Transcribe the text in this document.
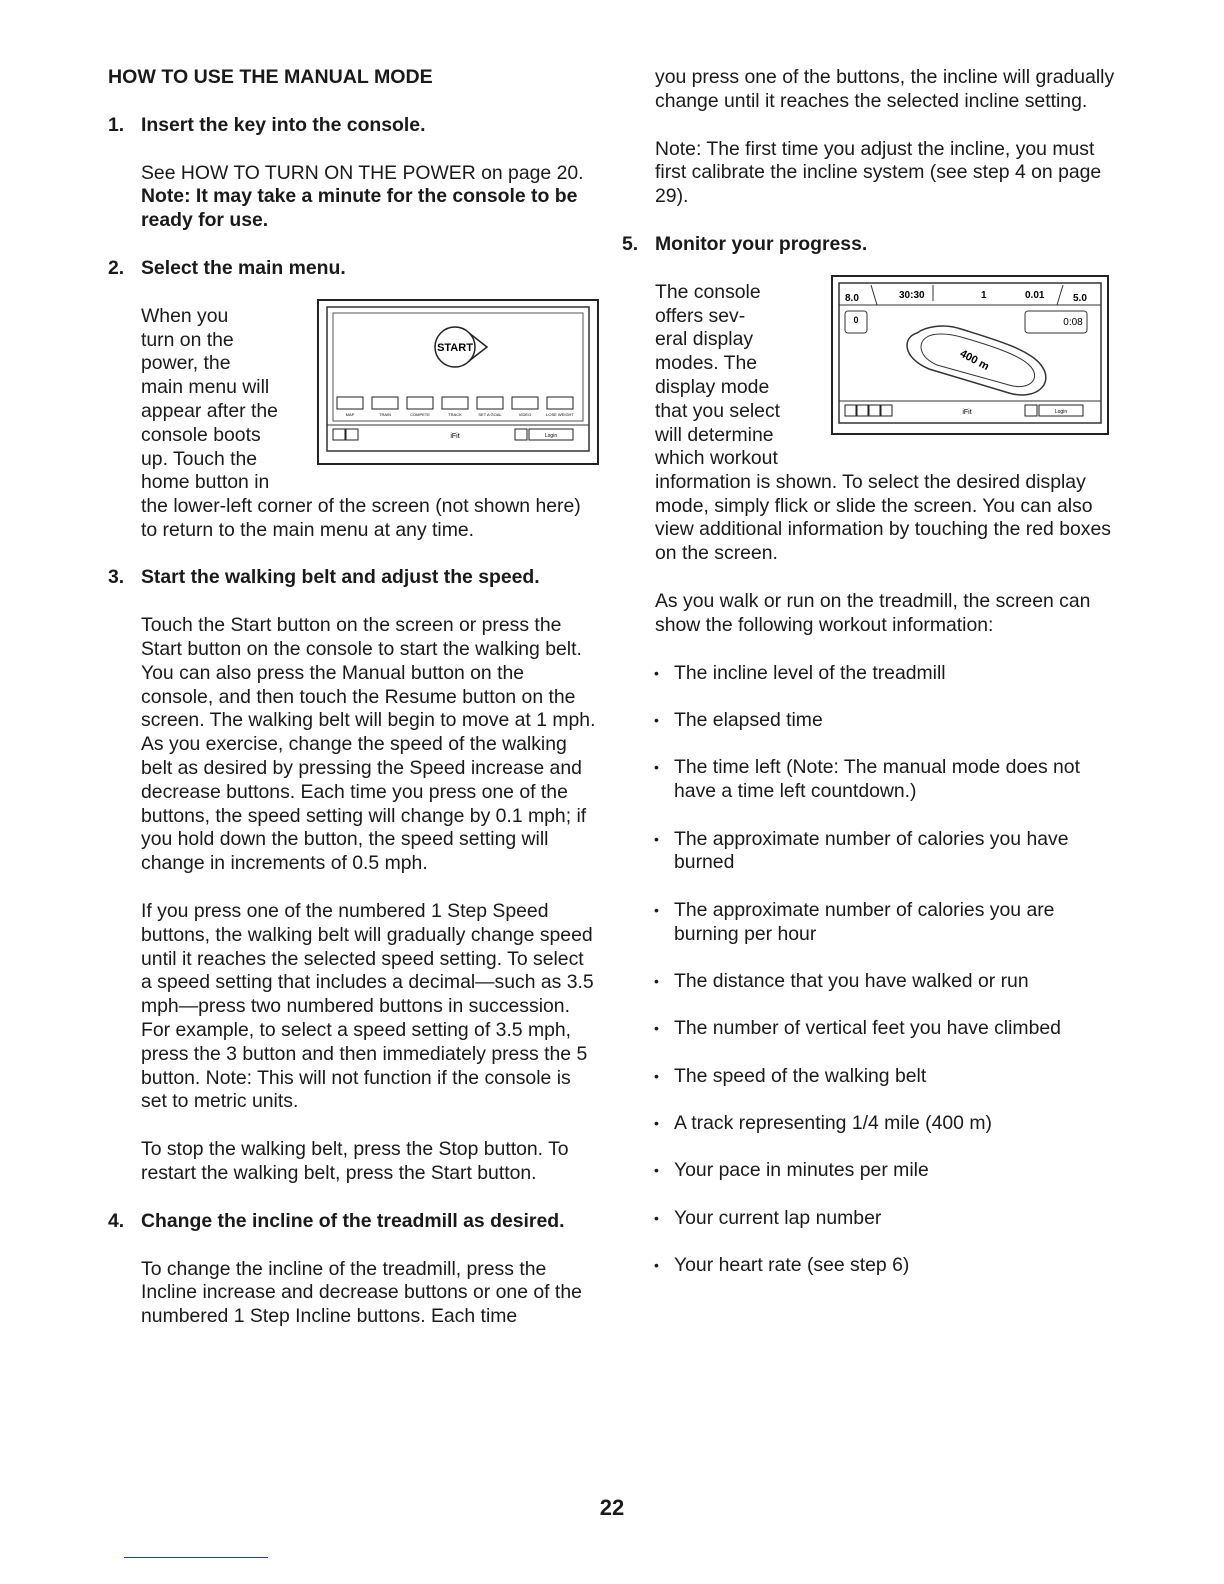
HOW TO USE THE MANUAL MODE

1. Insert the key into the console.

See HOW TO TURN ON THE POWER on page 20. Note: It may take a minute for the console to be ready for use.

2. Select the main menu.
When you
turn on the
power, the
main menu will
appear after the
console boots
up. Touch the
home button in
START
MAP	TRAIN	COMPETE	TRACK	SET A GOAL	VIDEO	LOSE WEIGHT
iFit	Login

the lower-left corner of the screen (not shown here) to return to the main menu at any time.

3. Start the walking belt and adjust the speed.

Touch the Start button on the screen or press the Start button on the console to start the walking belt. You can also press the Manual button on the console, and then touch the Resume button on the screen. The walking belt will begin to move at 1 mph. As you exercise, change the speed of the walking belt as desired by pressing the Speed increase and decrease buttons. Each time you press one of the buttons, the speed setting will change by 0.1 mph; if you hold down the button, the speed setting will change in increments of 0.5 mph.

If you press one of the numbered 1 Step Speed buttons, the walking belt will gradually change speed until it reaches the selected speed setting. To select a speed setting that includes a decimal—such as 3.5 mph—press two numbered buttons in succession. For example, to select a speed setting of 3.5 mph, press the 3 button and then immediately press the 5 button. Note: This will not function if the console is set to metric units.

To stop the walking belt, press the Stop button. To restart the walking belt, press the Start button.

4. Change the incline of the treadmill as desired.

To change the incline of the treadmill, press the Incline increase and decrease buttons or one of the numbered 1 Step Incline buttons. Each time

you press one of the buttons, the incline will gradually change until it reaches the selected incline setting.

Note: The first time you adjust the incline, you must first calibrate the incline system (see step 4 on page 29).

5. Monitor your progress.
The console
offers sev-
eral display
modes. The
display mode
that you select
will determine
which workout
8.0	30:30	1	0.01	5.0
0	0:08
400 m
iFit	Login

information is shown. To select the desired display mode, simply flick or slide the screen. You can also view additional information by touching the red boxes on the screen.

As you walk or run on the treadmill, the screen can show the following workout information:

• The incline level of the treadmill
• The elapsed time
• The time left (Note: The manual mode does not have a time left countdown.)
• The approximate number of calories you have burned
• The approximate number of calories you are burning per hour
• The distance that you have walked or run
• The number of vertical feet you have climbed
• The speed of the walking belt
• A track representing 1/4 mile (400 m)
• Your pace in minutes per mile
• Your current lap number
• Your heart rate (see step 6)
22
